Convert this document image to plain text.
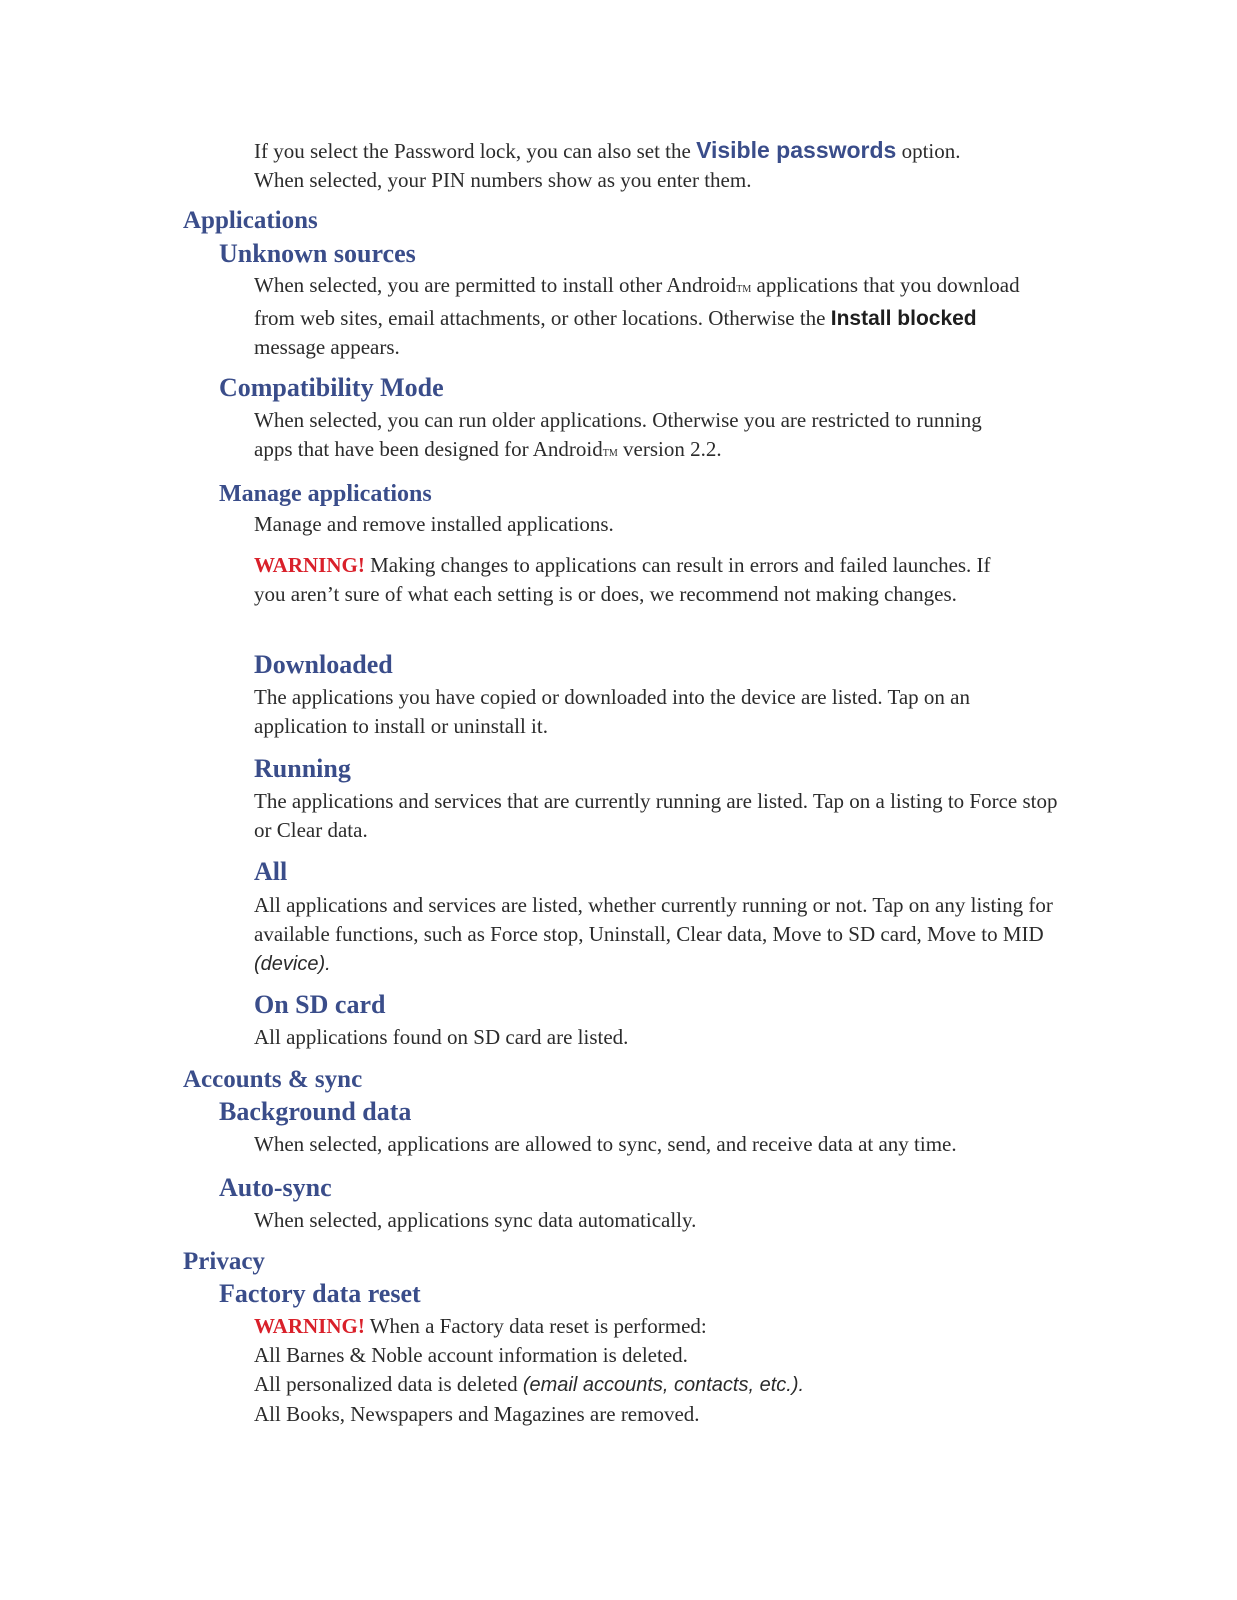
If you select the Password lock, you can also set the Visible passwords option.
When selected, your PIN numbers show as you enter them.

Applications
Unknown sources

When selected, you are permitted to install other AndroidTM applications that you download from web sites, email attachments, or other locations. Otherwise the Install blocked message appears.

Compatibility Mode

When selected, you can run older applications. Otherwise you are restricted to running apps that have been designed for AndroidTM version 2.2.

Manage applications

Manage and remove installed applications.

WARNING! Making changes to applications can result in errors and failed launches. If you aren’t sure of what each setting is or does, we recommend not making changes.

Downloaded

The applications you have copied or downloaded into the device are listed. Tap on an application to install or uninstall it.

Running

The applications and services that are currently running are listed. Tap on a listing to Force stop or Clear data.

All

All applications and services are listed, whether currently running or not. Tap on any listing for available functions, such as Force stop, Uninstall, Clear data, Move to SD card, Move to MID (device).

On SD card

All applications found on SD card are listed.

Accounts & sync
Background data

When selected, applications are allowed to sync, send, and receive data at any time.

Auto-sync

When selected, applications sync data automatically.

Privacy
Factory data reset

WARNING! When a Factory data reset is performed:
All Barnes & Noble account information is deleted.
All personalized data is deleted (email accounts, contacts, etc.).
All Books, Newspapers and Magazines are removed.
